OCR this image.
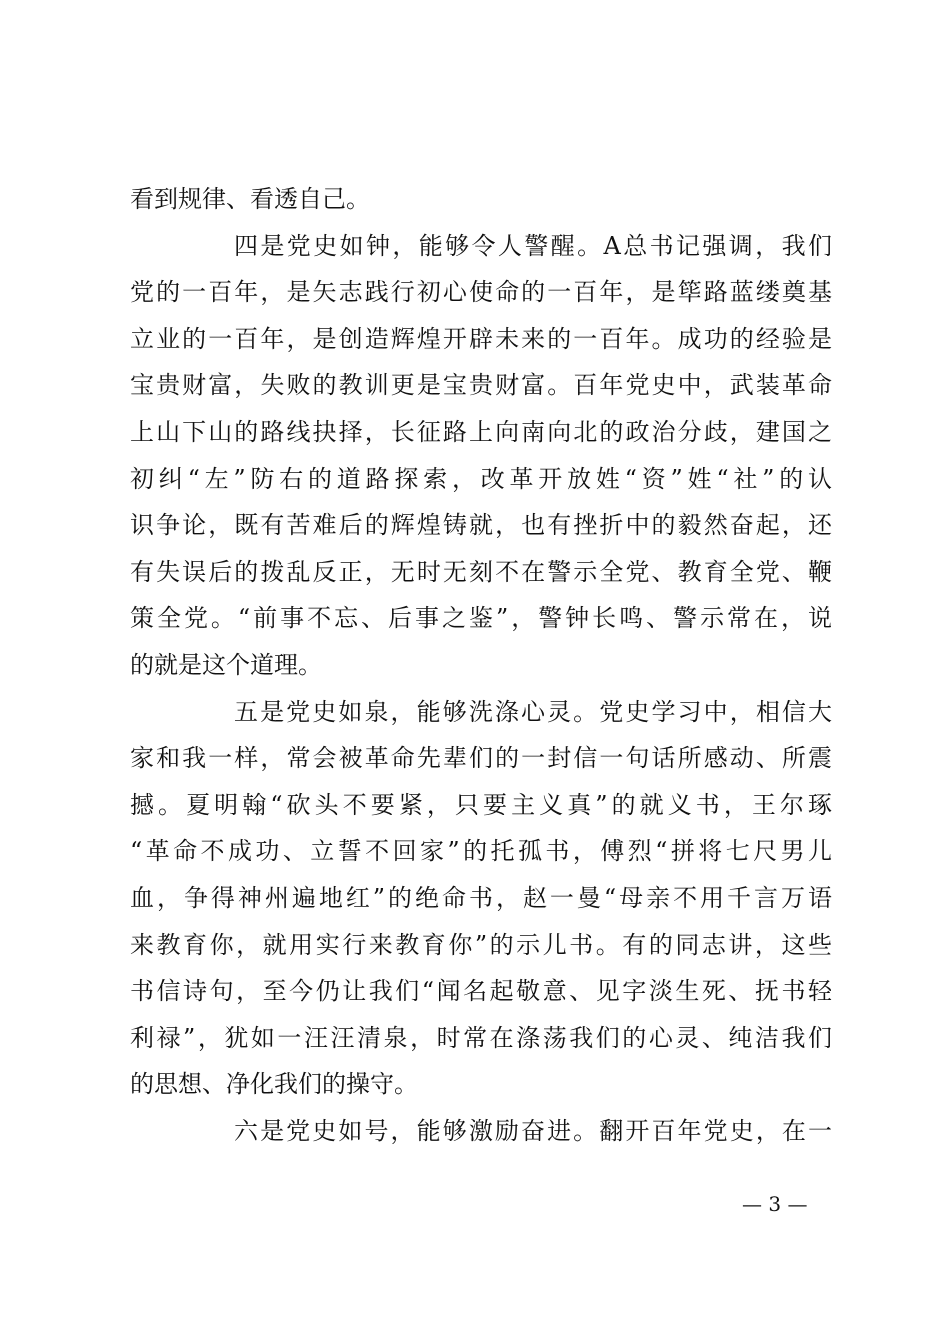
看到规律、看透自己。
四是党史如钟，能够令人警醒。A总书记强调，我们
党的一百年，是矢志践行初心使命的一百年，是筚路蓝缕奠基
立业的一百年，是创造辉煌开辟未来的一百年。成功的经验是
宝贵财富，失败的教训更是宝贵财富。百年党史中，武装革命
上山下山的路线抉择，长征路上向南向北的政治分歧，建国之
初纠“左”防右的道路探索，改革开放姓“资”姓“社”的认
识争论，既有苦难后的辉煌铸就，也有挫折中的毅然奋起，还
有失误后的拨乱反正，无时无刻不在警示全党、教育全党、鞭
策全党。“前事不忘、后事之鉴”，警钟长鸣、警示常在，说
的就是这个道理。
五是党史如泉，能够洗涤心灵。党史学习中，相信大
家和我一样，常会被革命先辈们的一封信一句话所感动、所震
撼。夏明翰“砍头不要紧，只要主义真”的就义书，王尔琢
“革命不成功、立誓不回家”的托孤书，傅烈“拼将七尺男儿
血，争得神州遍地红”的绝命书，赵一曼“母亲不用千言万语
来教育你，就用实行来教育你”的示儿书。有的同志讲，这些
书信诗句，至今仍让我们“闻名起敬意、见字淡生死、抚书轻
利禄”，犹如一汪汪清泉，时常在涤荡我们的心灵、纯洁我们
的思想、净化我们的操守。
六是党史如号，能够激励奋进。翻开百年党史，在一
— 3 —
